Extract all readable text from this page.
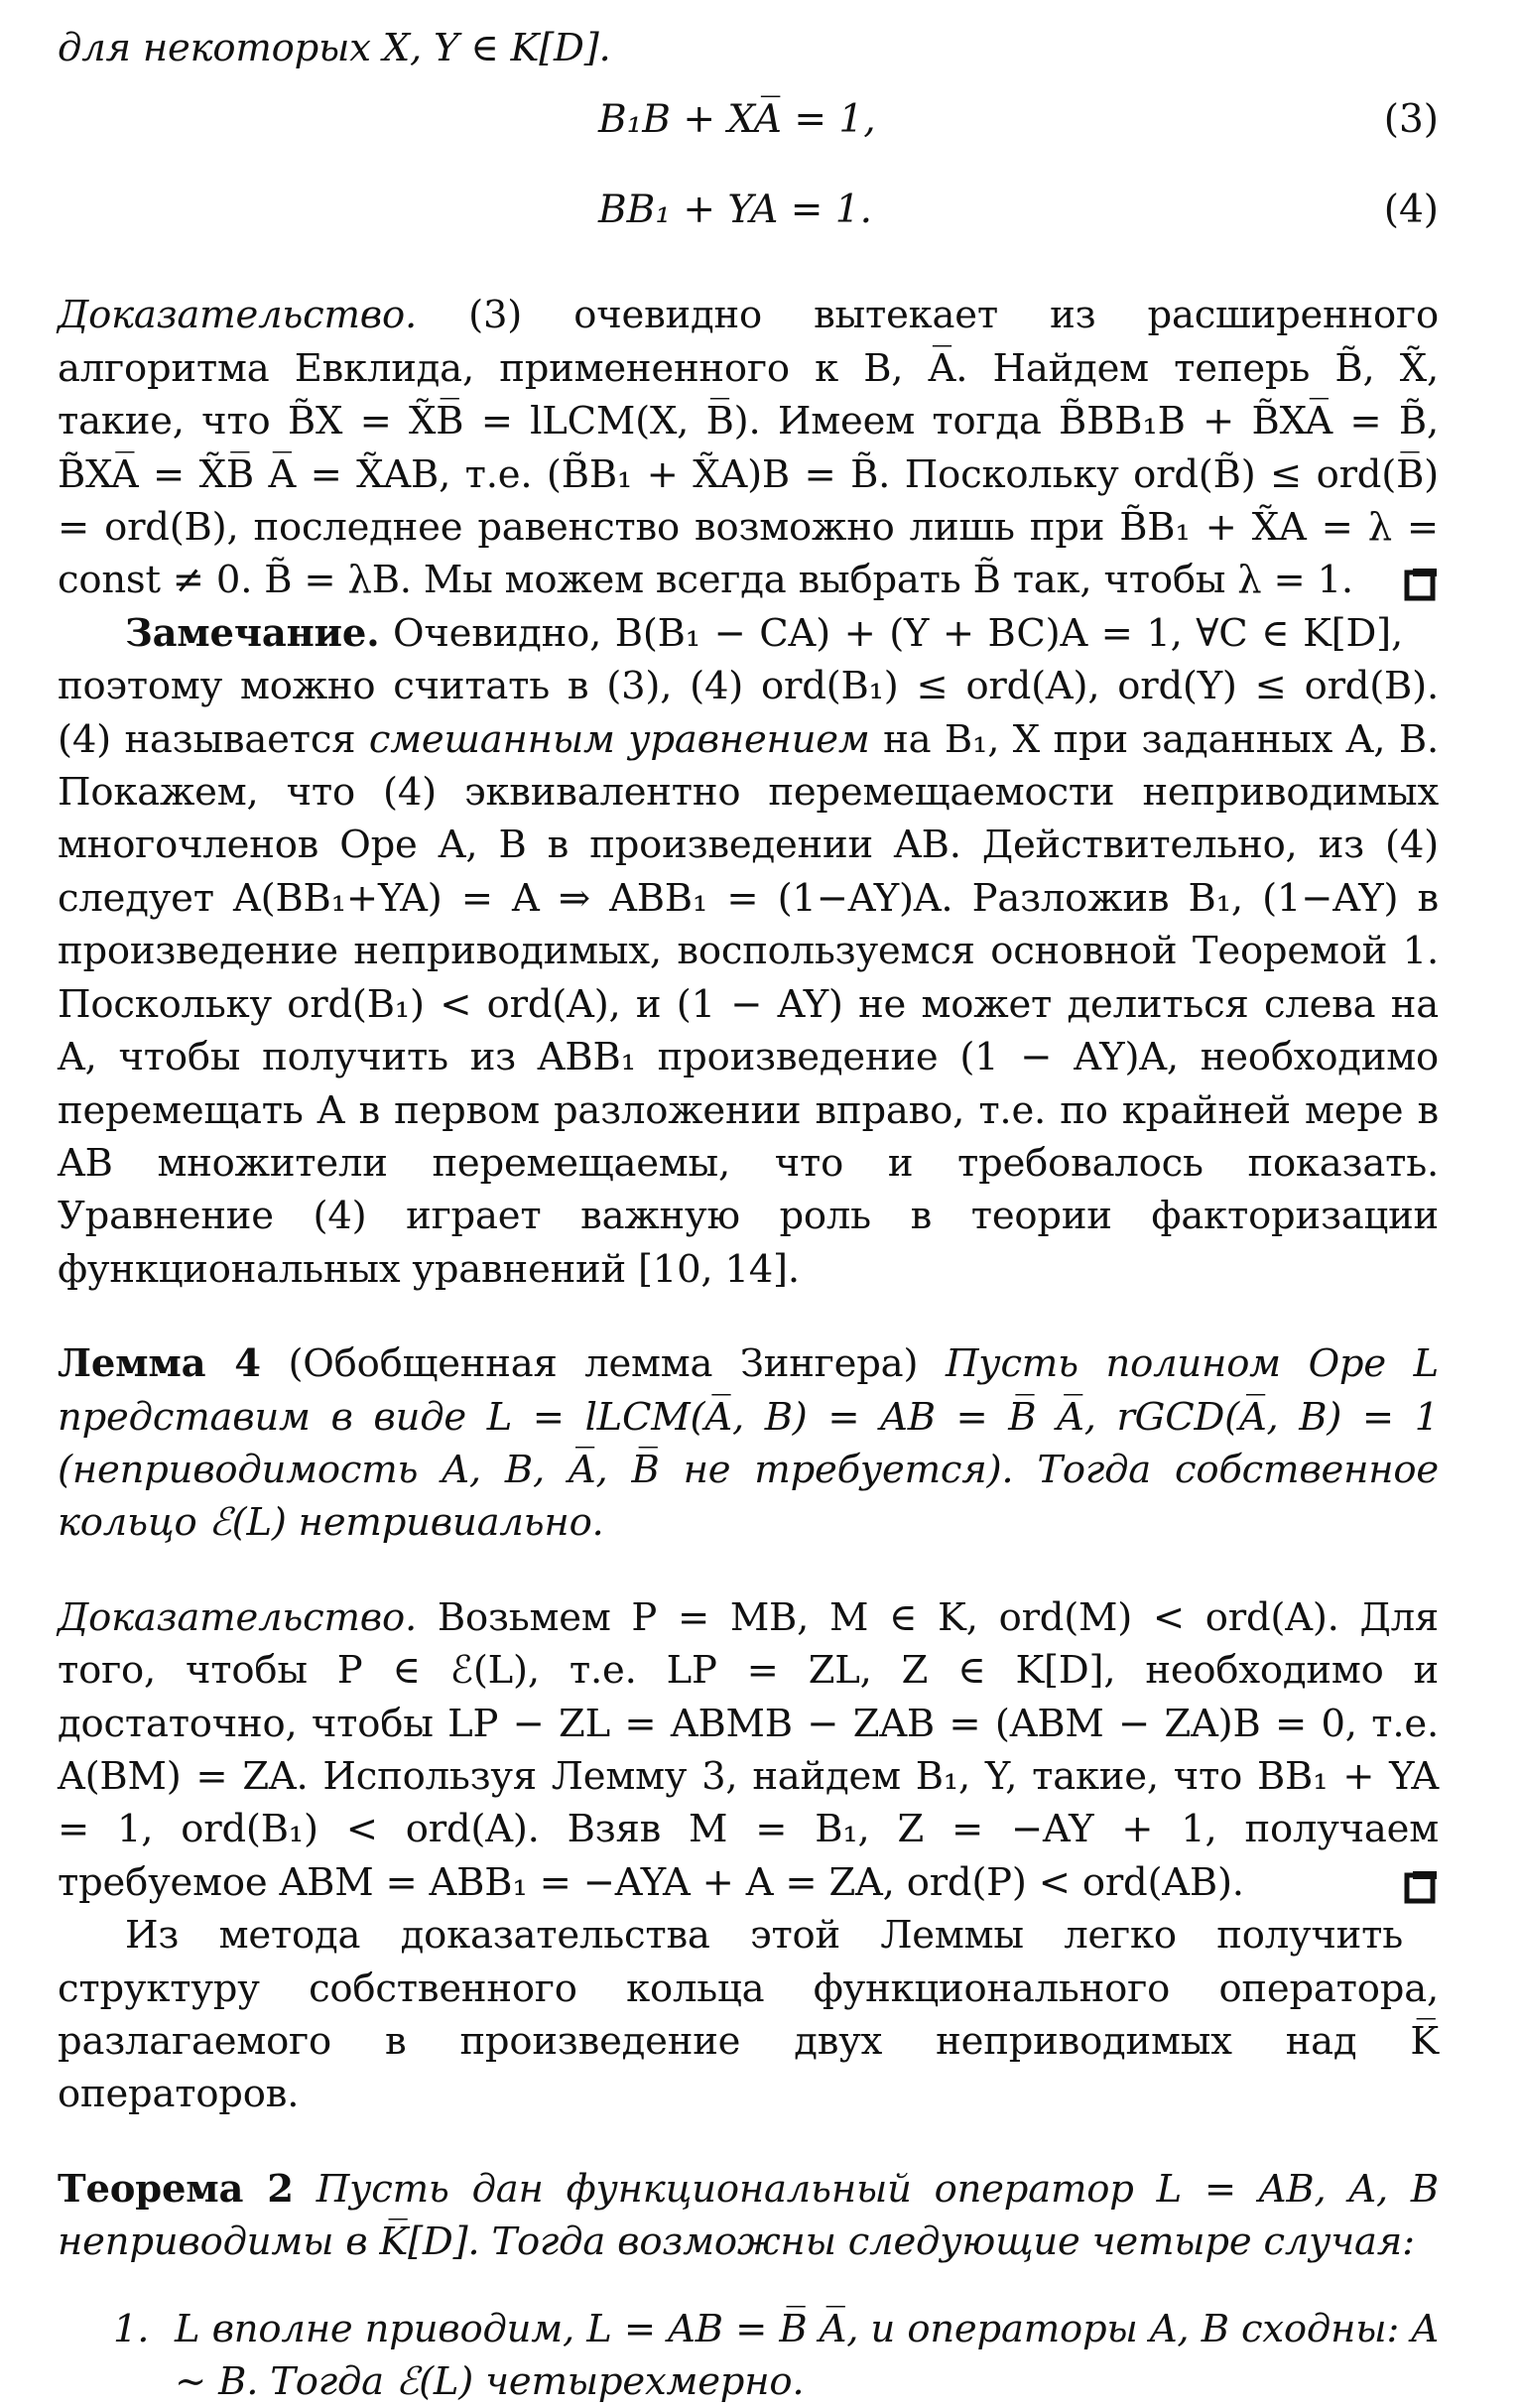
для некоторых X, Y ∈ K[D].

B₁B + XA̅ = 1,	(3)
BB₁ + YA = 1.	(4)

Доказательство. (3) очевидно вытекает из расширенного алгоритма Евклида, примененного к B, A̅. Найдем теперь B̃, X̃, такие, что B̃X = X̃B̅ = lLCM(X, B̅). Имеем тогда B̃BB₁B + B̃XA̅ = B̃, B̃XA̅ = X̃B̅ A̅ = X̃AB, т.е. (B̃B₁ + X̃A)B = B̃. Поскольку ord(B̃) ≤ ord(B̅) = ord(B), последнее равенство возможно лишь при B̃B₁ + X̃A = λ = const ≠ 0. B̃ = λB. Мы можем всегда выбрать B̃ так, чтобы λ = 1.

Замечание. Очевидно, B(B₁ − CA) + (Y + BC)A = 1, ∀C ∈ K[D], поэтому можно считать в (3), (4) ord(B₁) ≤ ord(A), ord(Y) ≤ ord(B). (4) называется смешанным уравнением на B₁, X при заданных A, B. Покажем, что (4) эквивалентно перемещаемости неприводимых многочленов Оре A, B в произведении AB. Действительно, из (4) следует A(BB₁+YA) = A ⇒ ABB₁ = (1−AY)A. Разложив B₁, (1−AY) в произведение неприводимых, воспользуемся основной Теоремой 1. Поскольку ord(B₁) < ord(A), и (1 − AY) не может делиться слева на A, чтобы получить из ABB₁ произведение (1 − AY)A, необходимо перемещать A в первом разложении вправо, т.е. по крайней мере в AB множители перемещаемы, что и требовалось показать. Уравнение (4) играет важную роль в теории факторизации функциональных уравнений [10, 14].

Лемма 4 (Обобщенная лемма Зингера) Пусть полином Оре L представим в виде L = lLCM(A̅, B) = AB = B̅ A̅, rGCD(A̅, B) = 1 (неприводимость A, B, A̅, B̅ не требуется). Тогда собственное кольцо ℰ(L) нетривиально.

Доказательство. Возьмем P = MB, M ∈ K, ord(M) < ord(A). Для того, чтобы P ∈ ℰ(L), т.е. LP = ZL, Z ∈ K[D], необходимо и достаточно, чтобы LP − ZL = ABMB − ZAB = (ABM − ZA)B = 0, т.е. A(BM) = ZA. Используя Лемму 3, найдем B₁, Y, такие, что BB₁ + YA = 1, ord(B₁) < ord(A). Взяв M = B₁, Z = −AY + 1, получаем требуемое ABM = ABB₁ = −AYA + A = ZA, ord(P) < ord(AB).

Из метода доказательства этой Леммы легко получить структуру собственного кольца функционального оператора, разлагаемого в произведение двух неприводимых над K̅ операторов.

Теорема 2 Пусть дан функциональный оператор L = AB, A, B неприводимы в K̅[D]. Тогда возможны следующие четыре случая:

1. L вполне приводим, L = AB = B̅ A̅, и операторы A, B сходны: A ∼ B. Тогда ℰ(L) четырехмерно.
